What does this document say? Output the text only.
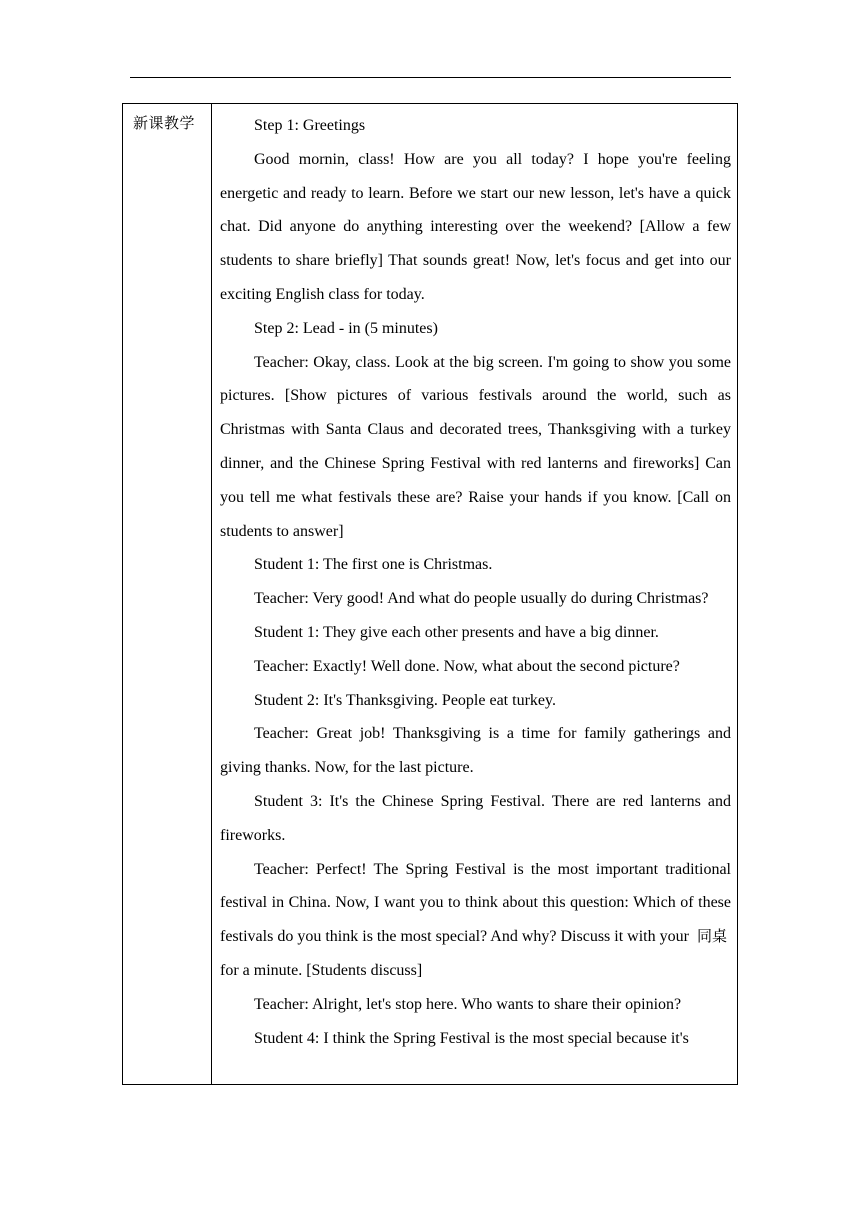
新课教学	Step 1: Greetings

Good mornin, class! How are you all today? I hope you're feeling energetic and ready to learn. Before we start our new lesson, let's have a quick chat. Did anyone do anything interesting over the weekend? [Allow a few students to share briefly] That sounds great! Now, let's focus and get into our exciting English class for today.

Step 2: Lead - in (5 minutes)

Teacher: Okay, class. Look at the big screen. I'm going to show you some pictures. [Show pictures of various festivals around the world, such as Christmas with Santa Claus and decorated trees, Thanksgiving with a turkey dinner, and the Chinese Spring Festival with red lanterns and fireworks] Can you tell me what festivals these are? Raise your hands if you know. [Call on students to answer]

Student 1: The first one is Christmas.

Teacher: Very good! And what do people usually do during Christmas?

Student 1: They give each other presents and have a big dinner.

Teacher: Exactly! Well done. Now, what about the second picture?

Student 2: It's Thanksgiving. People eat turkey.

Teacher: Great job! Thanksgiving is a time for family gatherings and giving thanks. Now, for the last picture.

Student 3: It's the Chinese Spring Festival. There are red lanterns and fireworks.

Teacher: Perfect! The Spring Festival is the most important traditional festival in China. Now, I want you to think about this question: Which of these festivals do you think is the most special? And why? Discuss it with your 同桌 for a minute. [Students discuss]

Teacher: Alright, let's stop here. Who wants to share their opinion?

Student 4: I think the Spring Festival is the most special because it's
